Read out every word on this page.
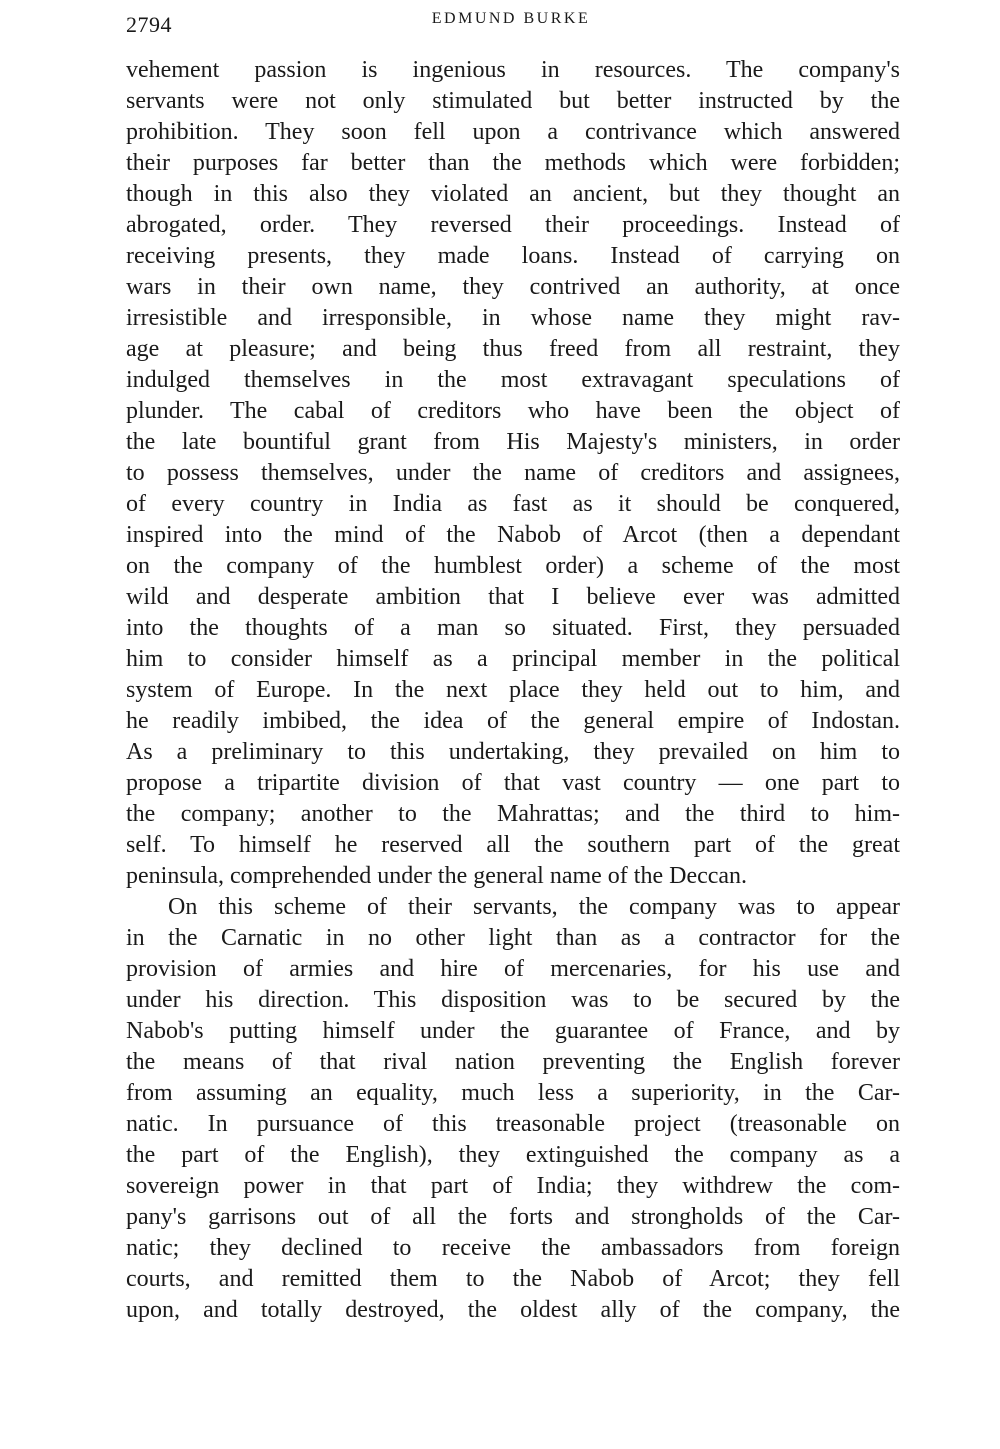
2794	EDMUND BURKE
vehement passion is ingenious in resources. The company's
servants were not only stimulated but better instructed by the
prohibition. They soon fell upon a contrivance which answered
their purposes far better than the methods which were forbidden;
though in this also they violated an ancient, but they thought an
abrogated, order. They reversed their proceedings. Instead of
receiving presents, they made loans. Instead of carrying on
wars in their own name, they contrived an authority, at once
irresistible and irresponsible, in whose name they might rav-
age at pleasure; and being thus freed from all restraint, they
indulged themselves in the most extravagant speculations of
plunder. The cabal of creditors who have been the object of
the late bountiful grant from His Majesty's ministers, in order
to possess themselves, under the name of creditors and assignees,
of every country in India as fast as it should be conquered,
inspired into the mind of the Nabob of Arcot (then a dependant
on the company of the humblest order) a scheme of the most
wild and desperate ambition that I believe ever was admitted
into the thoughts of a man so situated. First, they persuaded
him to consider himself as a principal member in the political
system of Europe. In the next place they held out to him, and
he readily imbibed, the idea of the general empire of Indostan.
As a preliminary to this undertaking, they prevailed on him to
propose a tripartite division of that vast country — one part to
the company; another to the Mahrattas; and the third to him-
self. To himself he reserved all the southern part of the great
peninsula, comprehended under the general name of the Deccan.
On this scheme of their servants, the company was to appear
in the Carnatic in no other light than as a contractor for the
provision of armies and hire of mercenaries, for his use and
under his direction. This disposition was to be secured by the
Nabob's putting himself under the guarantee of France, and by
the means of that rival nation preventing the English forever
from assuming an equality, much less a superiority, in the Car-
natic. In pursuance of this treasonable project (treasonable on
the part of the English), they extinguished the company as a
sovereign power in that part of India; they withdrew the com-
pany's garrisons out of all the forts and strongholds of the Car-
natic; they declined to receive the ambassadors from foreign
courts, and remitted them to the Nabob of Arcot; they fell
upon, and totally destroyed, the oldest ally of the company, the
